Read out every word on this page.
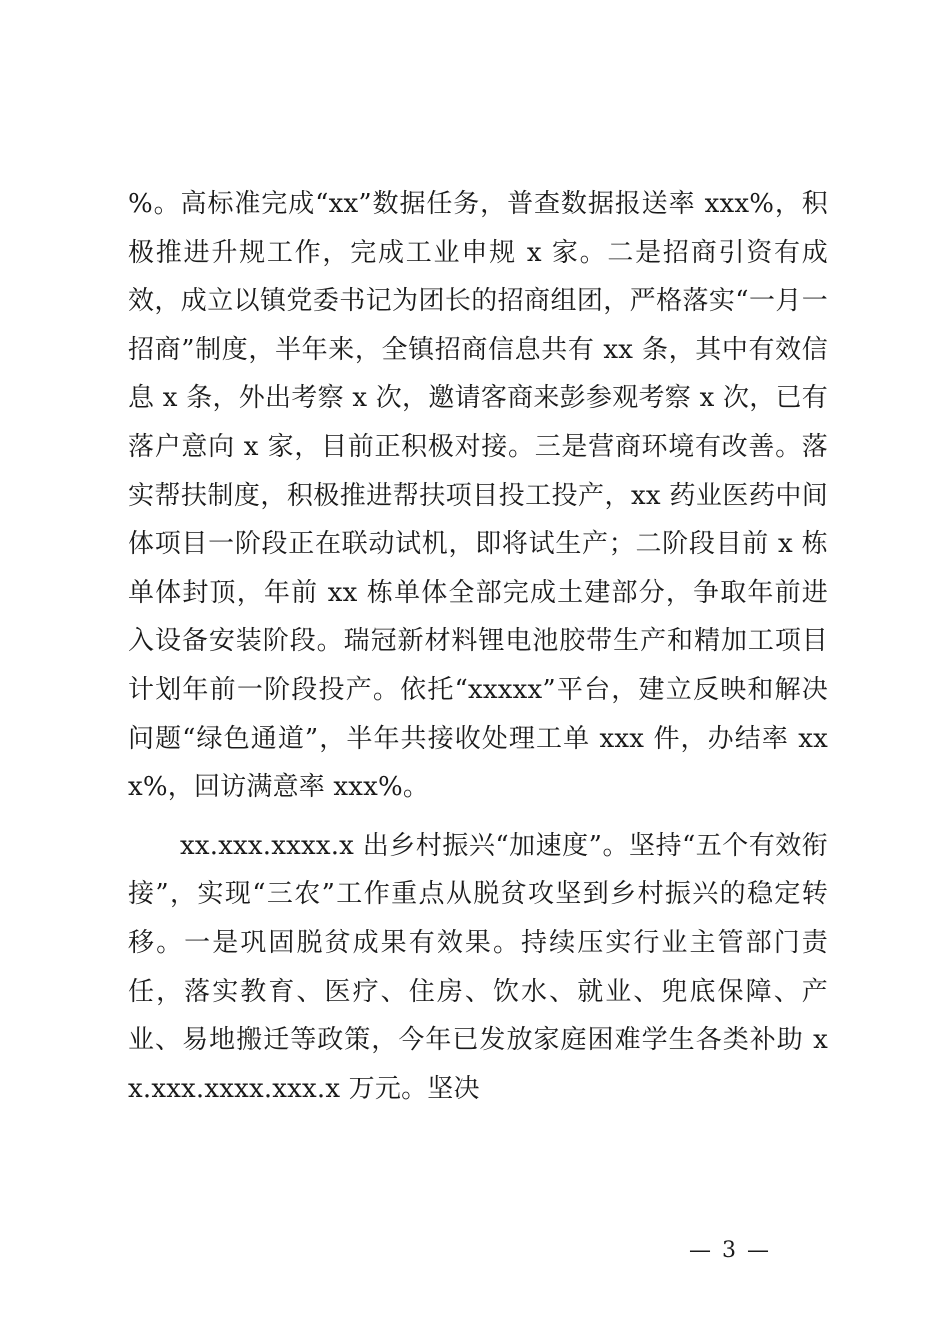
%。高标准完成“xx”数据任务，普查数据报送率 xxx%，积极推进升规工作，完成工业申规 x 家。二是招商引资有成效，成立以镇党委书记为团长的招商组团，严格落实“一月一招商”制度，半年来，全镇招商信息共有 xx 条，其中有效信息 x 条，外出考察 x 次，邀请客商来彭参观考察 x 次，已有落户意向 x 家，目前正积极对接。三是营商环境有改善。落实帮扶制度，积极推进帮扶项目投工投产，xx 药业医药中间体项目一阶段正在联动试机，即将试生产；二阶段目前 x 栋单体封顶，年前 xx 栋单体全部完成土建部分，争取年前进入设备安装阶段。瑞冠新材料锂电池胶带生产和精加工项目计划年前一阶段投产。依托“xxxxx”平台，建立反映和解决问题“绿色通道”，半年共接收处理工单 xxx 件，办结率 xxx%，回访满意率 xxx%。

xx.xxx.xxxx.x 出乡村振兴“加速度”。坚持“五个有效衔接”，实现“三农”工作重点从脱贫攻坚到乡村振兴的稳定转移。一是巩固脱贫成果有效果。持续压实行业主管部门责任，落实教育、医疗、住房、饮水、就业、兜底保障、产业、易地搬迁等政策，今年已发放家庭困难学生各类补助 xx.xxx.xxxx.xxx.x 万元。坚决

— 3 —
